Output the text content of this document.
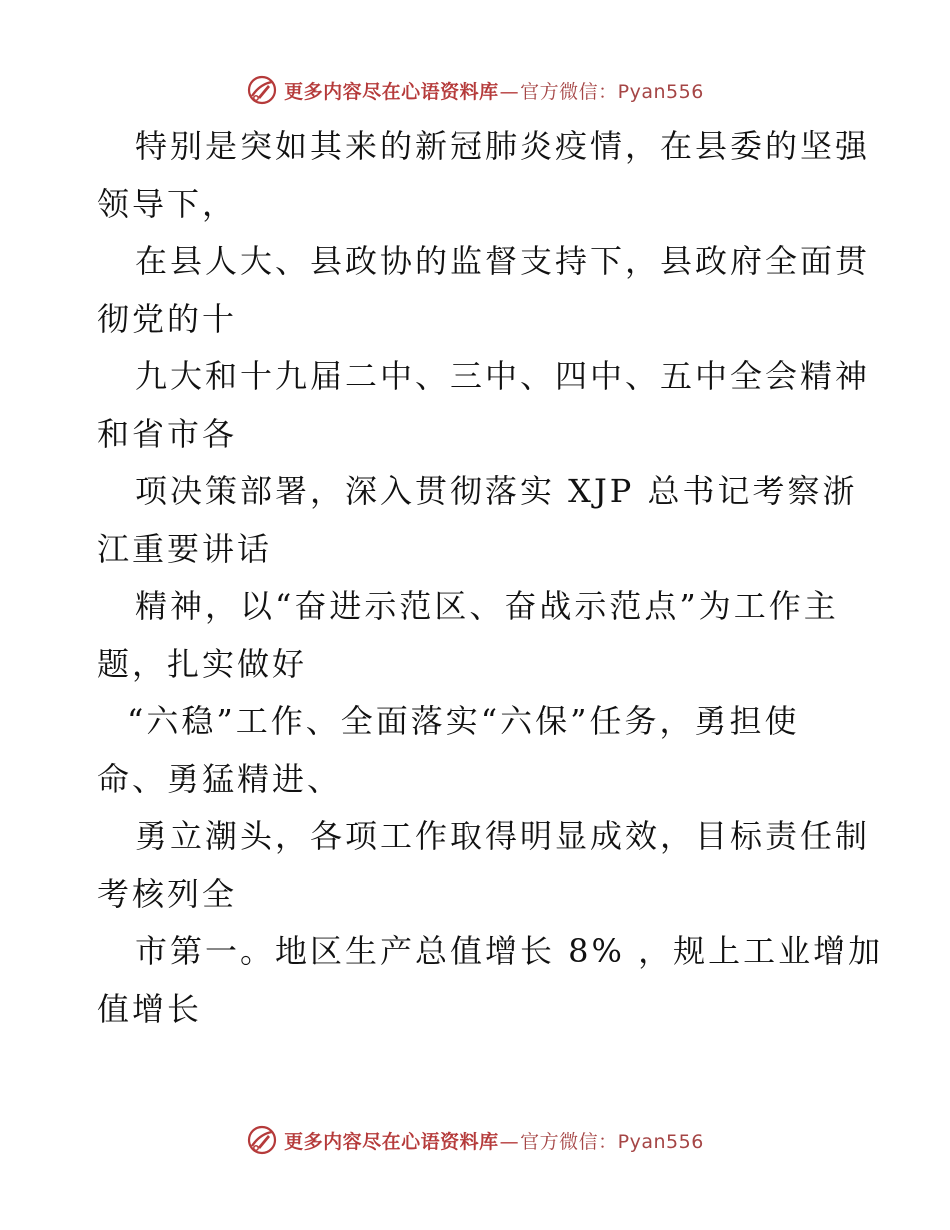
更多内容尽在心语资料库—官方微信：Pyan556
特别是突如其来的新冠肺炎疫情，在县委的坚强
领导下，
在县人大、县政协的监督支持下，县政府全面贯
彻党的十
九大和十九届二中、三中、四中、五中全会精神
和省市各
项决策部署，深入贯彻落实 XJP 总书记考察浙
江重要讲话
精神，以“奋进示范区、奋战示范点”为工作主
题，扎实做好
“六稳”工作、全面落实“六保”任务，勇担使
命、勇猛精进、
勇立潮头，各项工作取得明显成效，目标责任制
考核列全
市第一。地区生产总值增长 8% ，规上工业增加
值增长
更多内容尽在心语资料库—官方微信：Pyan556
